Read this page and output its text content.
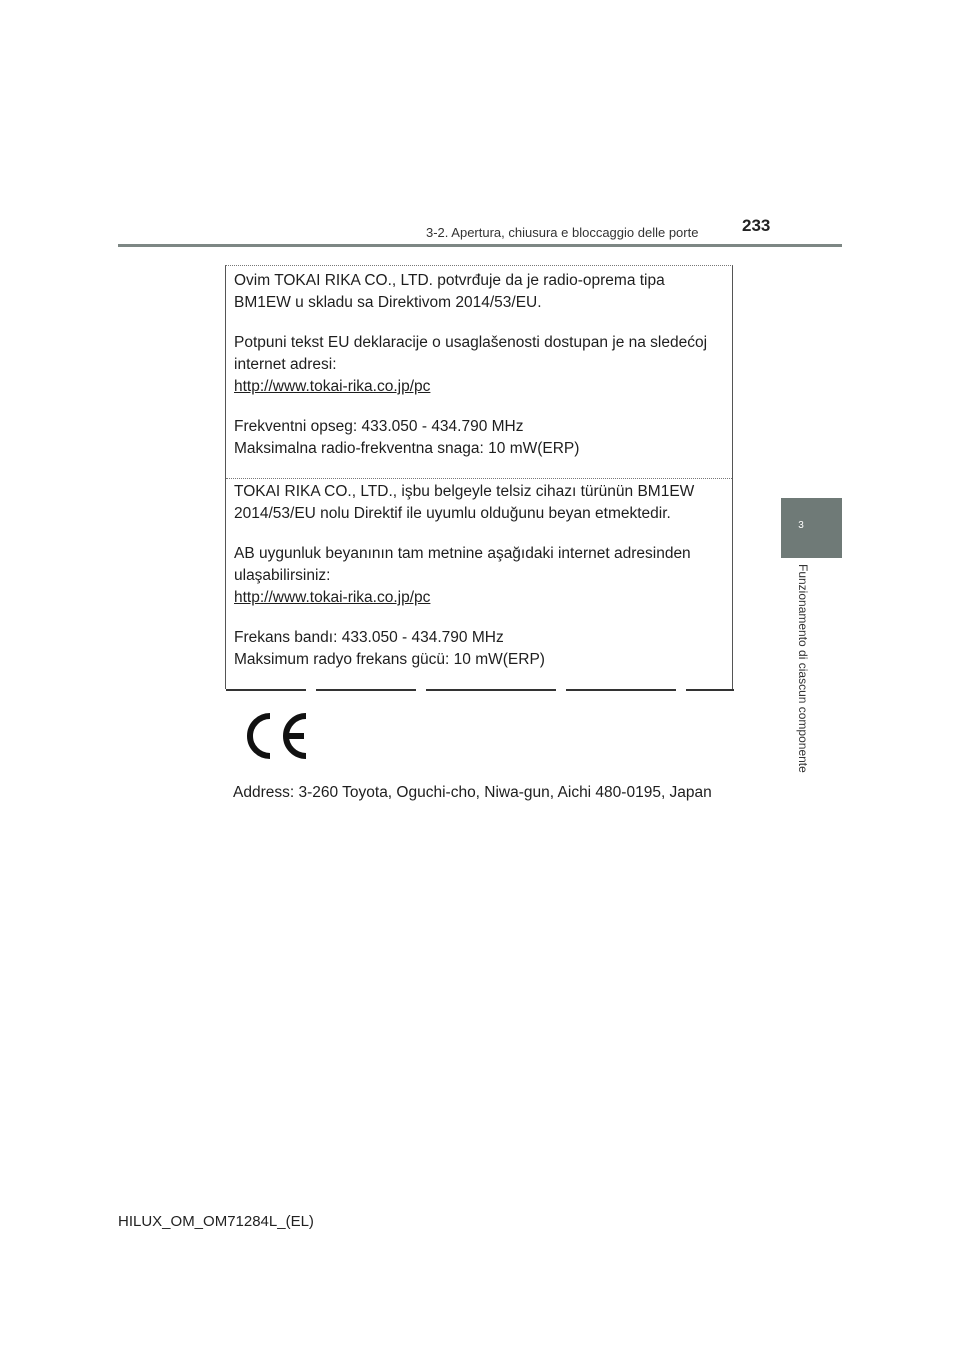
3-2. Apertura, chiusura e bloccaggio delle porte	233
3
Funzionamento di ciascun componente

Ovim TOKAI RIKA CO., LTD. potvrđuje da je radio-oprema tipa

BM1EW u skladu sa Direktivom 2014/53/EU.

Potpuni tekst EU deklaracije o usaglašenosti dostupan je na sledećoj

internet adresi:

http://www.tokai-rika.co.jp/pc

Frekventni opseg: 433.050 - 434.790 MHz

Maksimalna radio-frekventna snaga: 10 mW(ERP)

TOKAI RIKA CO., LTD., işbu belgeyle telsiz cihazı türünün BM1EW

2014/53/EU nolu Direktif ile uyumlu olduğunu beyan etmektedir.

AB uygunluk beyanının tam metnine aşağıdaki internet adresinden

ulaşabilirsiniz:

http://www.tokai-rika.co.jp/pc

Frekans bandı: 433.050 - 434.790 MHz

Maksimum radyo frekans gücü: 10 mW(ERP)

Address: 3-260 Toyota, Oguchi-cho, Niwa-gun, Aichi 480-0195, Japan
HILUX_OM_OM71284L_(EL)
